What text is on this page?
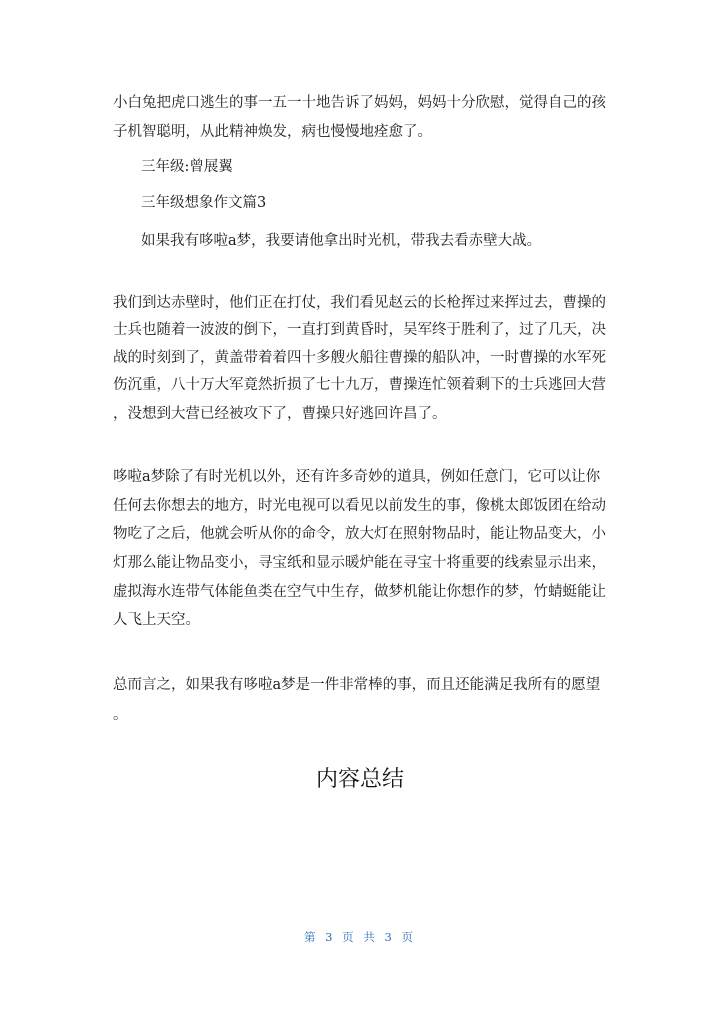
小白兔把虎口逃生的事一五一十地告诉了妈妈，妈妈十分欣慰，觉得自己的孩
子机智聪明，从此精神焕发，病也慢慢地痊愈了。
三年级:曾展翼
三年级想象作文篇3
如果我有哆啦a梦，我要请他拿出时光机，带我去看赤壁大战。
我们到达赤壁时，他们正在打仗，我们看见赵云的长枪挥过来挥过去，曹操的
士兵也随着一波波的倒下，一直打到黄昏时，吴军终于胜利了，过了几天，决
战的时刻到了，黄盖带着着四十多艘火船往曹操的船队冲，一时曹操的水军死
伤沉重，八十万大军竟然折损了七十九万，曹操连忙领着剩下的士兵逃回大营
，没想到大营已经被攻下了，曹操只好逃回许昌了。
哆啦a梦除了有时光机以外，还有许多奇妙的道具，例如任意门，它可以让你
任何去你想去的地方，时光电视可以看见以前发生的事，像桃太郎饭团在给动
物吃了之后，他就会听从你的命令，放大灯在照射物品时，能让物品变大，小
灯那么能让物品变小，寻宝纸和显示暖炉能在寻宝十将重要的线索显示出来，
虚拟海水连带气体能鱼类在空气中生存，做梦机能让你想作的梦，竹蜻蜓能让
人飞上天空。
总而言之，如果我有哆啦a梦是一件非常棒的事，而且还能满足我所有的愿望
。
内容总结
第 3 页 共 3 页
